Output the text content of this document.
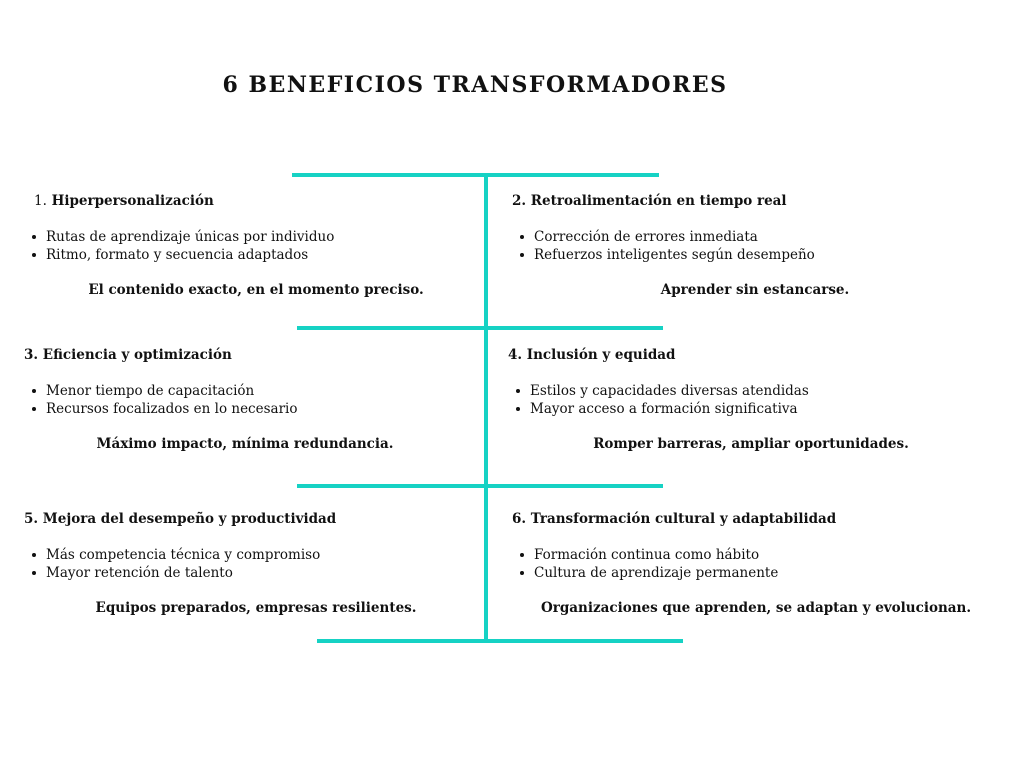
6 BENEFICIOS TRANSFORMADORES
1. Hiperpersonalización
Rutas de aprendizaje únicas por individuo
Ritmo, formato y secuencia adaptados
El contenido exacto, en el momento preciso.
2. Retroalimentación en tiempo real
Corrección de errores inmediata
Refuerzos inteligentes según desempeño
Aprender sin estancarse.
3. Eficiencia y optimización
Menor tiempo de capacitación
Recursos focalizados en lo necesario
Máximo impacto, mínima redundancia.
4. Inclusión y equidad
Estilos y capacidades diversas atendidas
Mayor acceso a formación significativa
Romper barreras, ampliar oportunidades.
5. Mejora del desempeño y productividad
Más competencia técnica y compromiso
Mayor retención de talento
Equipos preparados, empresas resilientes.
6. Transformación cultural y adaptabilidad
Formación continua como hábito
Cultura de aprendizaje permanente
Organizaciones que aprenden, se adaptan y evolucionan.
